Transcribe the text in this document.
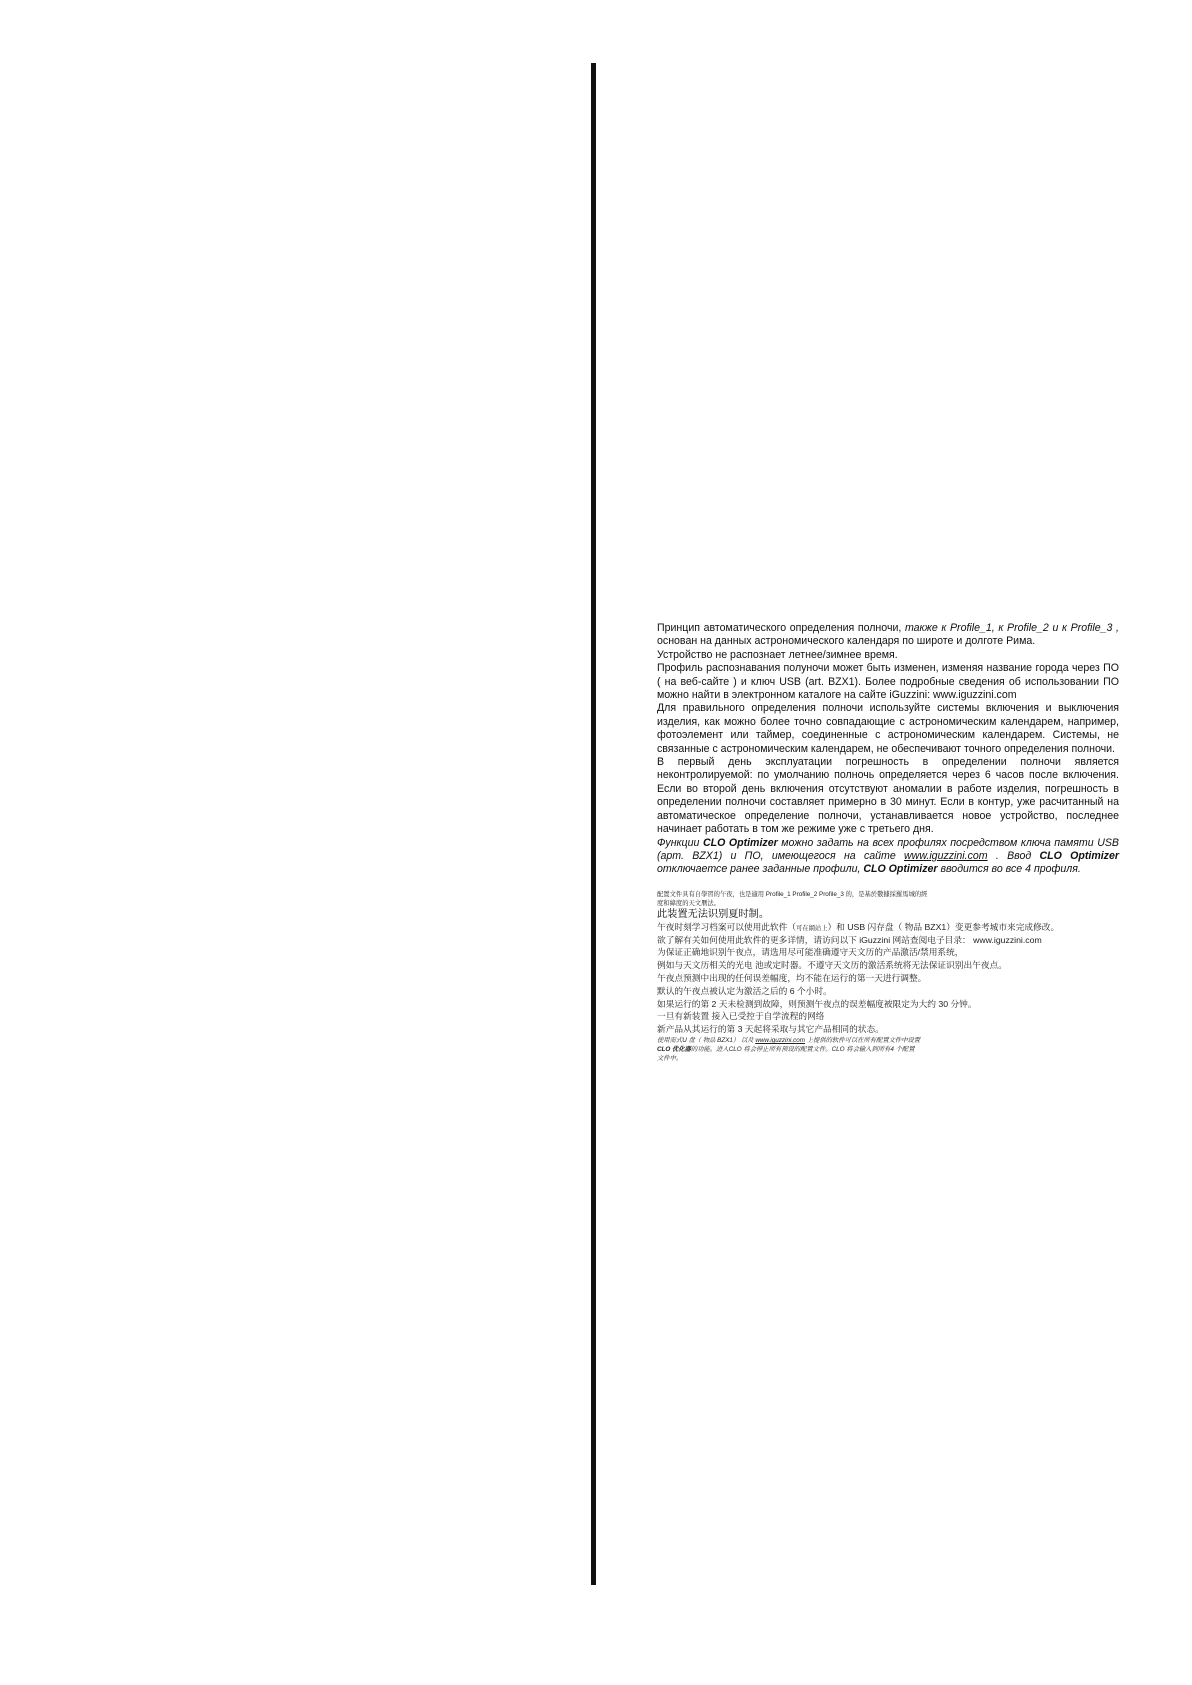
Принцип автоматического определения полночи, также к Profile_1, к Profile_2 и к Profile_3 , основан на данных астрономического календаря по широте и долготе Рима.

Устройство не распознает летнее/зимнее время.

Профиль распознавания полуночи может быть изменен, изменяя название города через ПО ( на веб-сайте ) и ключ USB (art. BZX1). Более подробные сведения об использовании ПО можно найти в электронном каталоге на сайте iGuzzini: www.iguzzini.com

Для правильного определения полночи используйте системы включения и выключения изделия, как можно более точно совпадающие с астрономическим календарем, например, фотоэлемент или таймер, соединенные с астрономическим календарем. Системы, не связанные с астрономическим календарем, не обеспечивают точного определения полночи.

В первый день эксплуатации погрешность в определении полночи является неконтролируемой: по умолчанию полночь определяется через 6 часов после включения. Если во второй день включения отсутствуют аномалии в работе изделия, погрешность в определении полночи составляет примерно в 30 минут. Если в контур, уже расчитанный на автоматическое определение полночи, устанавливается новое устройство, последнее начинает работать в том же режиме уже с третьего дня.

Функции CLO Optimizer можно задать на всех профилях посредством ключа памяти USB (арт. BZX1) и ПО, имеющегося на сайте www.iguzzini.com . Ввод CLO Optimizer отключаетсе ранее заданные профили, CLO Optimizer вводится во все 4 профиля.

配置文件具有自學習的午夜，也是適用 Profile_1 Profile_2 Profile_3 的，是基於數據採羅馬城的經

度和緯度的天文曆法。

此装置无法识别夏时制。

午夜时刻学习档案可以使用此软件（可在網站上）和 USB 闪存盘（ 物品 BZX1）变更参考城市来完成修改。

欲了解有关如何使用此软件的更多详情，请访问以下 iGuzzini 网站查阅电子目录： www.iguzzini.com

为保证正确地识别午夜点，请选用尽可能准确遵守天文历的产品激活/禁用系统，

例如与天文历相关的光电 池或定时器。不遵守天文历的激活系统将无法保证识别出午夜点。

午夜点预测中出现的任何误差幅度，均不能在运行的第一天进行调整。

默认的午夜点被认定为激活之后的 6 个小时。

如果运行的第 2 天未检测到故障，则预测午夜点的误差幅度被限定为大约 30 分钟。

一旦有新装置 接入已受控于自学流程的网络

新产品从其运行的第 3 天起将采取与其它产品相同的状态。

使用需式U 盘（ 物品 BZX1） 以及 www.iguzzini.com 上提供的软件可以在所有配置文件中设置

CLO 优化器的功能。进入CLO 将会停止所有预设的配置文件。CLO 将会输入到所有4 个配置

文件中。
